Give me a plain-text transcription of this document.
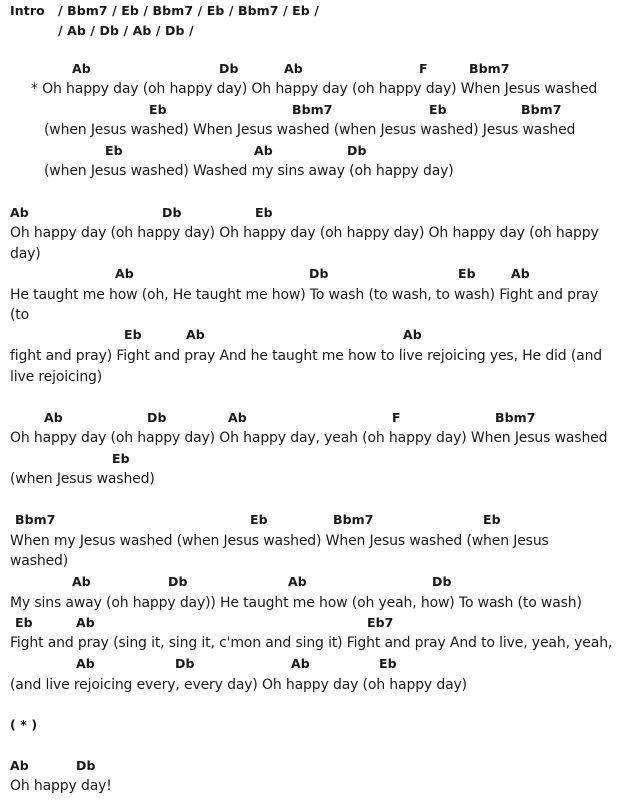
Intro / Bbm7 / Eb / Bbm7 / Eb / Bbm7 / Eb /
/ Ab / Db / Ab / Db /
Ab	Db	Ab	F	Bbm7
* Oh happy day (oh happy day) Oh happy day (oh happy day) When Jesus washed
Eb	Bbm7	Eb	Bbm7
(when Jesus washed) When Jesus washed (when Jesus washed) Jesus washed
Eb	Ab	Db
(when Jesus washed) Washed my sins away (oh happy day)
Ab	Db	Eb
Oh happy day (oh happy day) Oh happy day (oh happy day) Oh happy day (oh happy
day)
Ab	Db	Eb	Ab
He taught me how (oh, He taught me how) To wash (to wash, to wash) Fight and pray
(to
Eb	Ab	Ab
fight and pray) Fight and pray And he taught me how to live rejoicing yes, He did (and
live rejoicing)
Ab	Db	Ab	F	Bbm7
Oh happy day (oh happy day) Oh happy day, yeah (oh happy day) When Jesus washed
Eb
(when Jesus washed)
Bbm7	Eb	Bbm7	Eb
When my Jesus washed (when Jesus washed) When Jesus washed (when Jesus
washed)
Ab	Db	Ab	Db
My sins away (oh happy day)) He taught me how (oh yeah, how) To wash (to wash)
Eb	Ab	Eb7
Fight and pray (sing it, sing it, c'mon and sing it) Fight and pray And to live, yeah, yeah,
Ab	Db	Ab	Eb
(and live rejoicing every, every day) Oh happy day (oh happy day)
( * )
Ab	Db
Oh happy day!
